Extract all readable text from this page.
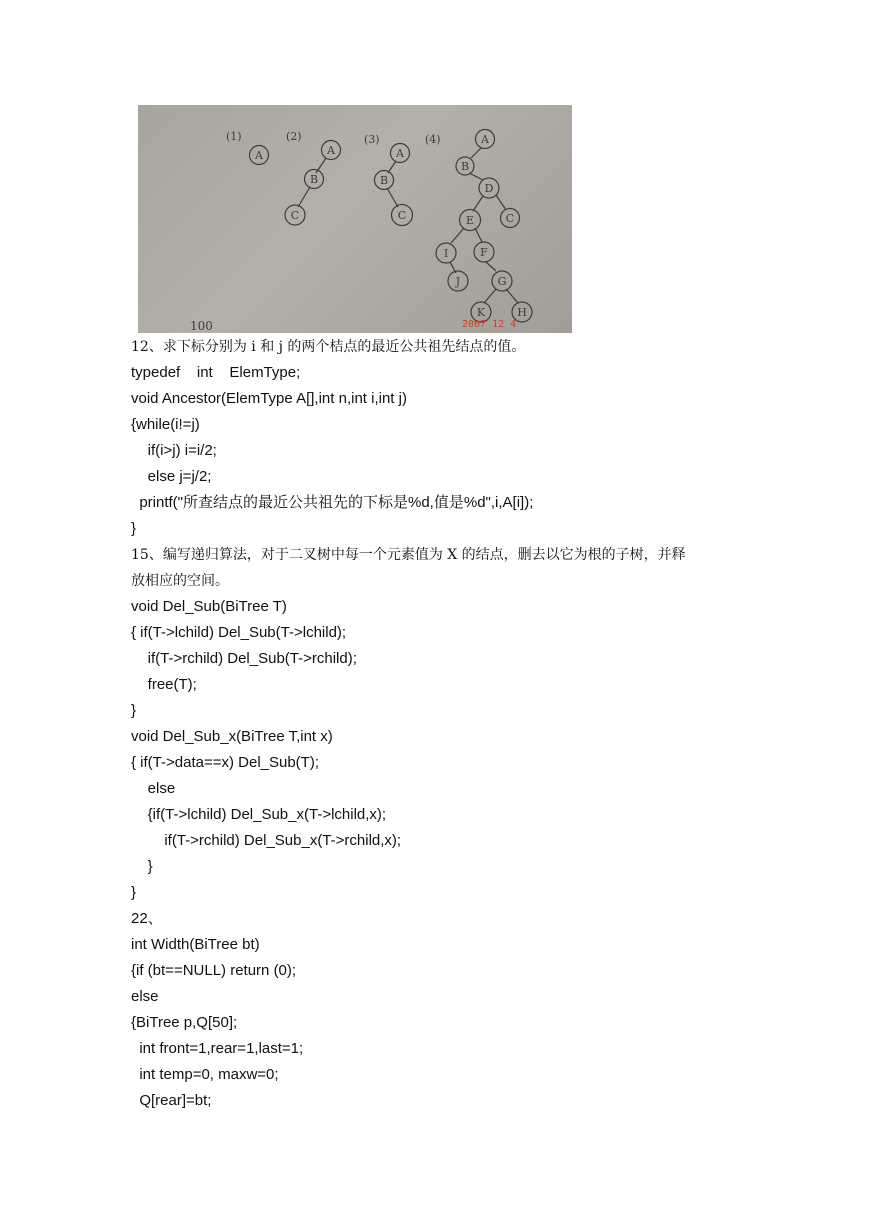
(1)	(2)	(3)	(4)
A	A
B
C
A
B
C
A
B
D
E	C
I	F
J	G
K	H
100	2007 12 4
12、求下标分别为 i 和 j 的两个桔点的最近公共祖先结点的值。
typedef    int    ElemType;
void Ancestor(ElemType A[],int n,int i,int j)
{while(i!=j)
if(i>j) i=i/2;
else j=j/2;
printf("所查结点的最近公共祖先的下标是%d,值是%d",i,A[i]);
}
15、编写递归算法，对于二叉树中每一个元素值为 X 的结点，删去以它为根的子树，并释
放相应的空间。
void Del_Sub(BiTree T)
{ if(T->lchild) Del_Sub(T->lchild);
if(T->rchild) Del_Sub(T->rchild);
free(T);
}
void Del_Sub_x(BiTree T,int x)
{ if(T->data==x) Del_Sub(T);
else
{if(T->lchild) Del_Sub_x(T->lchild,x);
if(T->rchild) Del_Sub_x(T->rchild,x);
}
}
22、
int Width(BiTree bt)
{if (bt==NULL) return (0);
else
{BiTree p,Q[50];
int front=1,rear=1,last=1;
int temp=0, maxw=0;
Q[rear]=bt;
